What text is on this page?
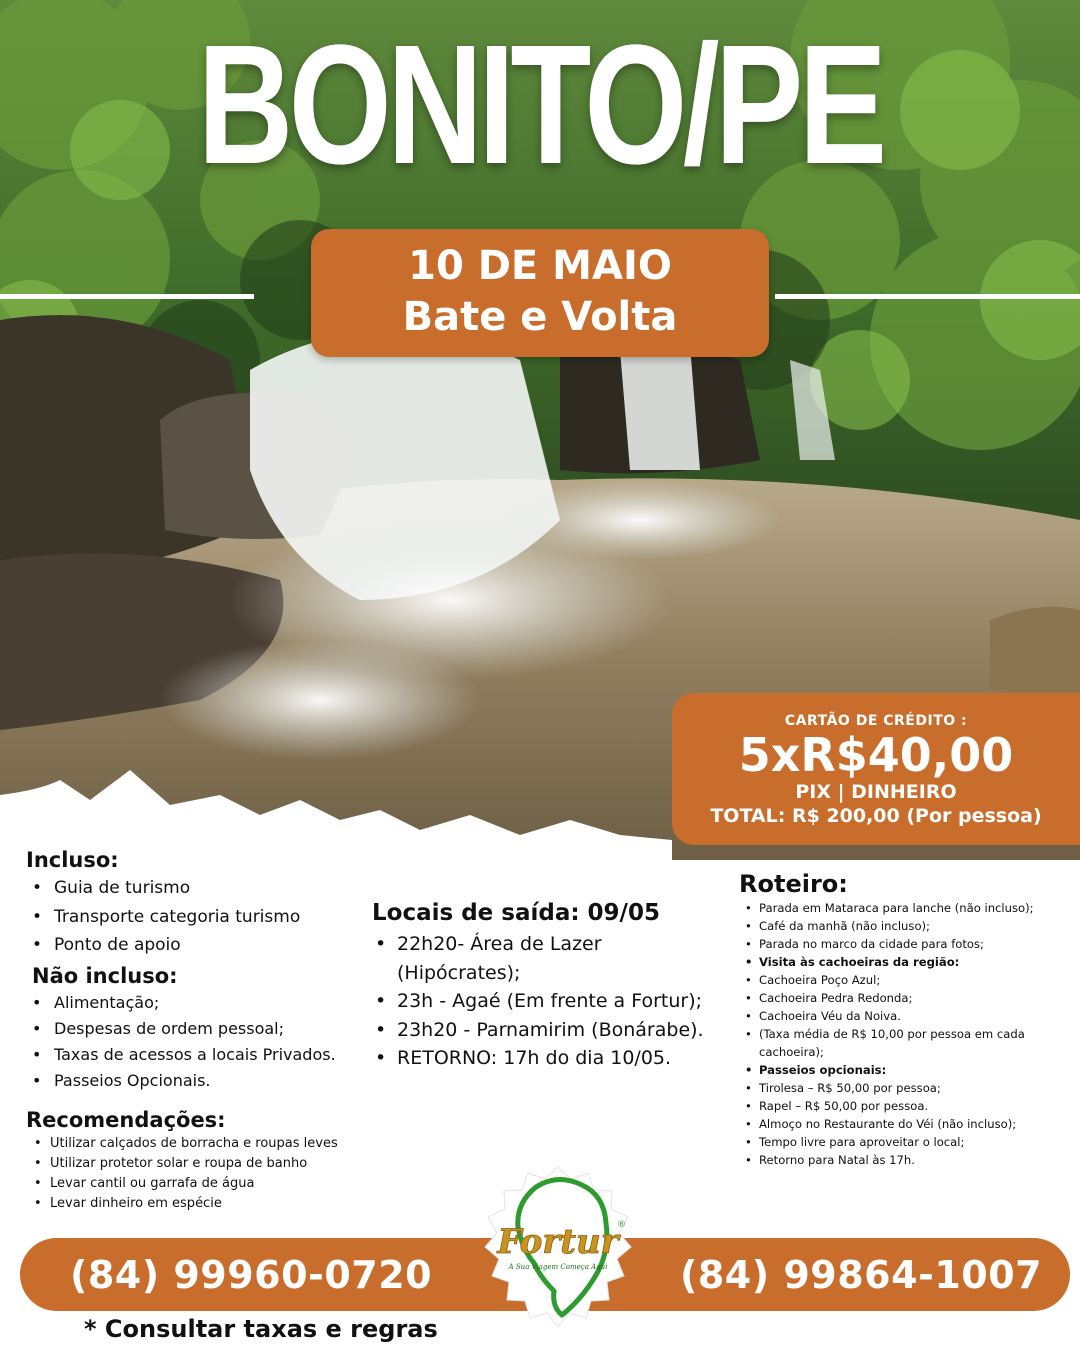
BONITO/PE
10 DE MAIO
Bate e Volta
CARTÃO DE CRÉDITO :
5xR$40,00
PIX | DINHEIRO
TOTAL: R$ 200,00 (Por pessoa)
Incluso:
• Guia de turismo
• Transporte categoria turismo
• Ponto de apoio
Não incluso:
• Alimentação;
• Despesas de ordem pessoal;
• Taxas de acessos a locais Privados.
• Passeios Opcionais.
Recomendações:
• Utilizar calçados de borracha e roupas leves
• Utilizar protetor solar e roupa de banho
• Levar cantil ou garrafa de água
• Levar dinheiro em espécie
Locais de saída: 09/05
• 22h20- Área de Lazer (Hipócrates);
• 23h - Agaé (Em frente a Fortur);
• 23h20 - Parnamirim (Bonárabe).
• RETORNO: 17h do dia 10/05.
Roteiro:
• Parada em Mataraca para lanche (não incluso);
• Café da manhã (não incluso);
• Parada no marco da cidade para fotos;
• Visita às cachoeiras da região:
• Cachoeira Poço Azul;
• Cachoeira Pedra Redonda;
• Cachoeira Véu da Noiva.
• (Taxa média de R$ 10,00 por pessoa em cada cachoeira);
• Passeios opcionais:
• Tirolesa – R$ 50,00 por pessoa;
• Rapel – R$ 50,00 por pessoa.
• Almoço no Restaurante do Véi (não incluso);
• Tempo livre para aproveitar o local;
• Retorno para Natal às 17h.
(84) 99960-0720	(84) 99864-1007
Fortur
®
A Sua Viagem Começa Aqui
* Consultar taxas e regras
